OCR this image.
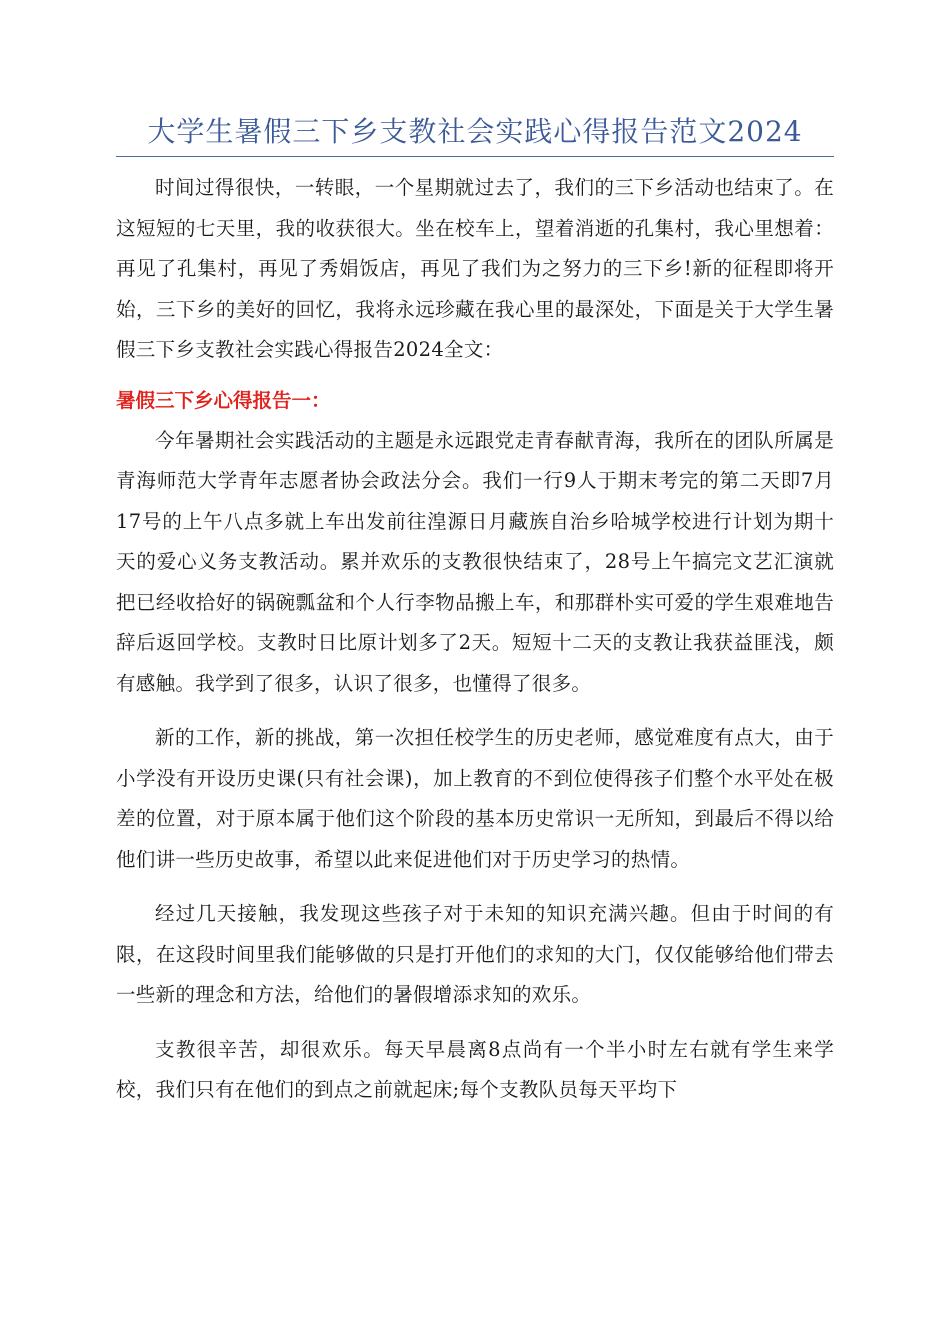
大学生暑假三下乡支教社会实践心得报告范文2024

时间过得很快，一转眼，一个星期就过去了，我们的三下乡活动也结束了。在这短短的七天里，我的收获很大。坐在校车上，望着消逝的孔集村，我心里想着：再见了孔集村，再见了秀娟饭店，再见了我们为之努力的三下乡!新的征程即将开始，三下乡的美好的回忆，我将永远珍藏在我心里的最深处，下面是关于大学生暑假三下乡支教社会实践心得报告2024全文：

暑假三下乡心得报告一：

今年暑期社会实践活动的主题是永远跟党走青春献青海，我所在的团队所属是青海师范大学青年志愿者协会政法分会。我们一行9人于期末考完的第二天即7月17号的上午八点多就上车出发前往湟源日月藏族自治乡哈城学校进行计划为期十天的爱心义务支教活动。累并欢乐的支教很快结束了，28号上午搞完文艺汇演就把已经收拾好的锅碗瓢盆和个人行李物品搬上车，和那群朴实可爱的学生艰难地告辞后返回学校。支教时日比原计划多了2天。短短十二天的支教让我获益匪浅，颇有感触。我学到了很多，认识了很多，也懂得了很多。

新的工作，新的挑战，第一次担任校学生的历史老师，感觉难度有点大，由于小学没有开设历史课(只有社会课)，加上教育的不到位使得孩子们整个水平处在极差的位置，对于原本属于他们这个阶段的基本历史常识一无所知，到最后不得以给他们讲一些历史故事，希望以此来促进他们对于历史学习的热情。

经过几天接触，我发现这些孩子对于未知的知识充满兴趣。但由于时间的有限，在这段时间里我们能够做的只是打开他们的求知的大门，仅仅能够给他们带去一些新的理念和方法，给他们的暑假增添求知的欢乐。

支教很辛苦，却很欢乐。每天早晨离8点尚有一个半小时左右就有学生来学校，我们只有在他们的到点之前就起床;每个支教队员每天平均下
